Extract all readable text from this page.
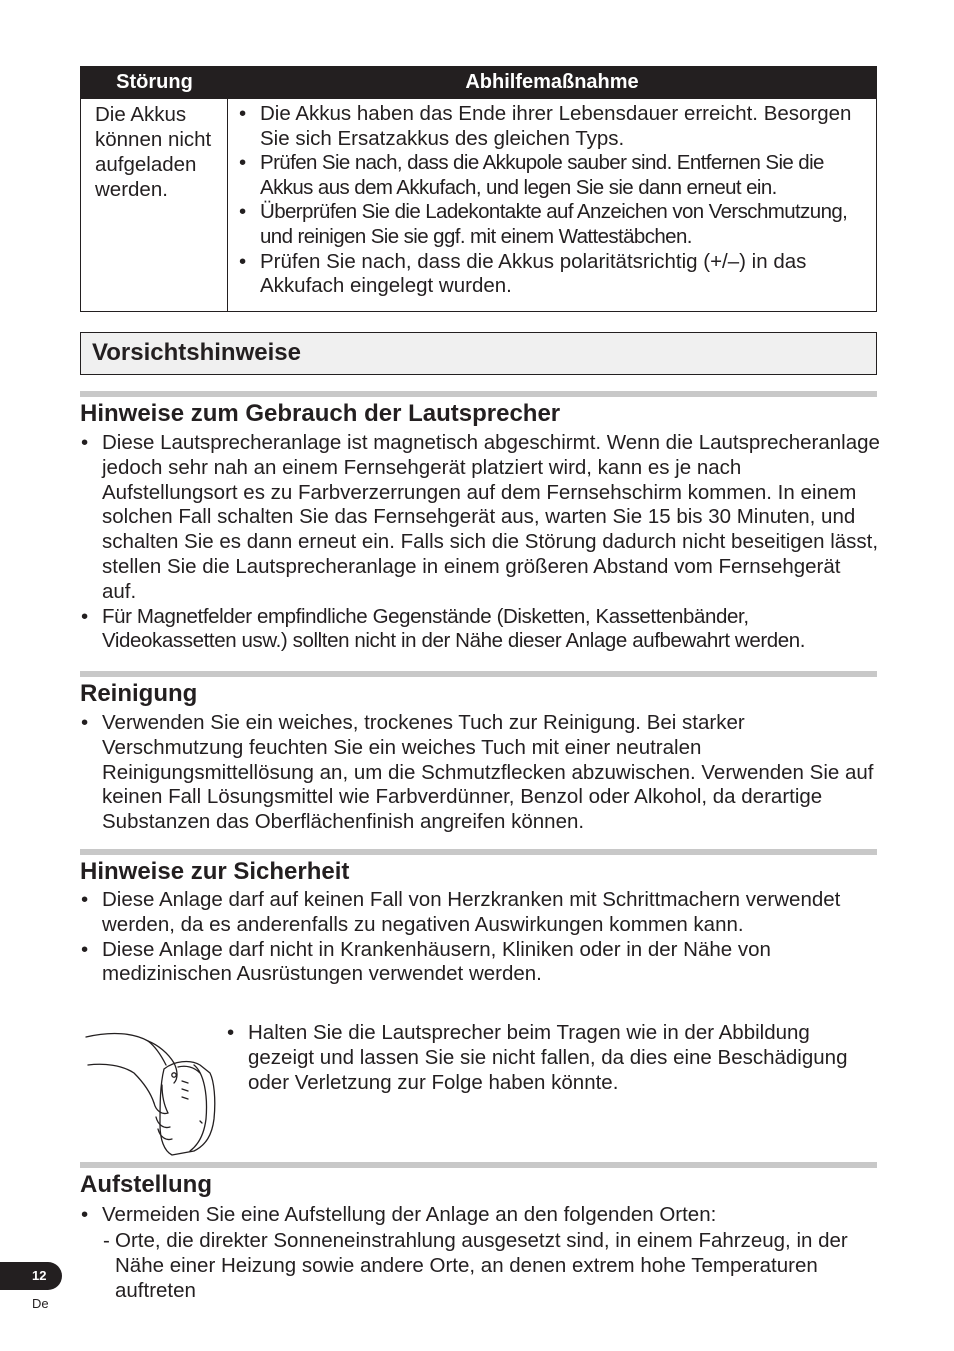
Störung	Abhilfemaßnahme
Die Akkus können nicht aufgeladen werden.
• Die Akkus haben das Ende ihrer Lebensdauer erreicht. Besorgen Sie sich Ersatzakkus des gleichen Typs.
• Prüfen Sie nach, dass die Akkupole sauber sind. Entfernen Sie die Akkus aus dem Akkufach, und legen Sie sie dann erneut ein.
• Überprüfen Sie die Ladekontakte auf Anzeichen von Verschmutzung, und reinigen Sie sie ggf. mit einem Wattestäbchen.
• Prüfen Sie nach, dass die Akkus polaritätsrichtig (+/–) in das Akkufach eingelegt wurden.
Vorsichtshinweise
Hinweise zum Gebrauch der Lautsprecher
• Diese Lautsprecheranlage ist magnetisch abgeschirmt. Wenn die Lautsprecheranlage jedoch sehr nah an einem Fernsehgerät platziert wird, kann es je nach Aufstellungsort es zu Farbverzerrungen auf dem Fernsehschirm kommen. In einem solchen Fall schalten Sie das Fernsehgerät aus, warten Sie 15 bis 30 Minuten, und schalten Sie es dann erneut ein. Falls sich die Störung dadurch nicht beseitigen lässt, stellen Sie die Lautsprecheranlage in einem größeren Abstand vom Fernsehgerät auf.
• Für Magnetfelder empfindliche Gegenstände (Disketten, Kassettenbänder, Videokassetten usw.) sollten nicht in der Nähe dieser Anlage aufbewahrt werden.
Reinigung
• Verwenden Sie ein weiches, trockenes Tuch zur Reinigung. Bei starker Verschmutzung feuchten Sie ein weiches Tuch mit einer neutralen Reinigungsmittellösung an, um die Schmutzflecken abzuwischen. Verwenden Sie auf keinen Fall Lösungsmittel wie Farbverdünner, Benzol oder Alkohol, da derartige Substanzen das Oberflächenfinish angreifen können.
Hinweise zur Sicherheit
• Diese Anlage darf auf keinen Fall von Herzkranken mit Schrittmachern verwendet werden, da es anderenfalls zu negativen Auswirkungen kommen kann.
• Diese Anlage darf nicht in Krankenhäusern, Kliniken oder in der Nähe von medizinischen Ausrüstungen verwendet werden.
• Halten Sie die Lautsprecher beim Tragen wie in der Abbildung gezeigt und lassen Sie sie nicht fallen, da dies eine Beschädigung oder Verletzung zur Folge haben könnte.
Aufstellung
• Vermeiden Sie eine Aufstellung der Anlage an den folgenden Orten:
- Orte, die direkter Sonneneinstrahlung ausgesetzt sind, in einem Fahrzeug, in der Nähe einer Heizung sowie andere Orte, an denen extrem hohe Temperaturen auftreten
12
De
